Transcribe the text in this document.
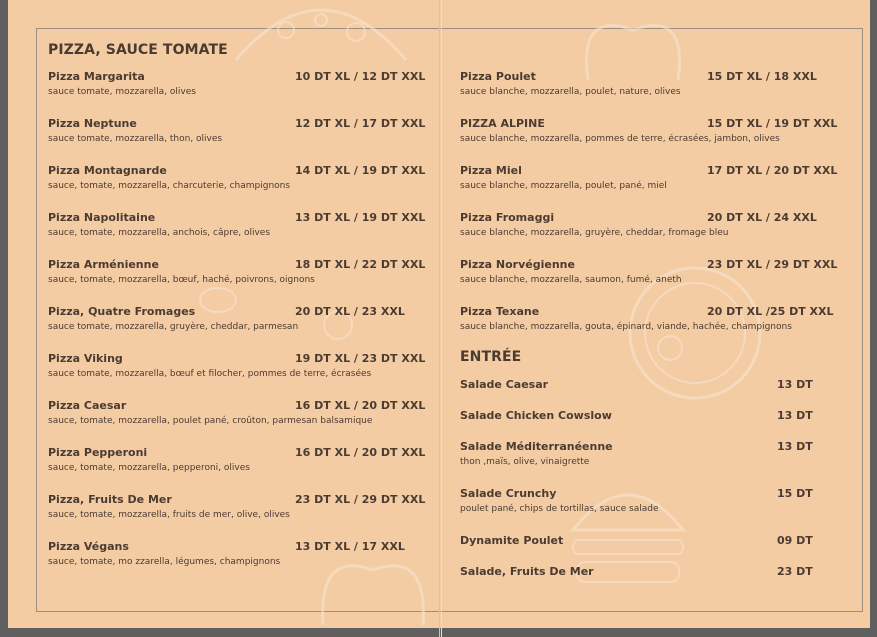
PIZZA, SAUCE TOMATE
Pizza Margarita	10 DT XL / 12 DT XXL
sauce tomate, mozzarella, olives
Pizza Neptune	12 DT XL / 17 DT XXL
sauce tomate, mozzarella, thon, olives
Pizza Montagnarde	14 DT XL / 19 DT XXL
sauce, tomate, mozzarella, charcuterie, champignons
Pizza Napolitaine	13 DT XL / 19 DT XXL
sauce, tomate, mozzarella, anchois, câpre, olives
Pizza Arménienne	18 DT XL / 22 DT XXL
sauce, tomate, mozzarella, bœuf, haché, poivrons, oignons
Pizza, Quatre Fromages	20 DT XL / 23 XXL
sauce tomate, mozzarella, gruyère, cheddar, parmesan
Pizza Viking	19 DT XL / 23 DT XXL
sauce tomate, mozzarella, bœuf et filocher, pommes de terre, écrasées
Pizza Caesar	16 DT XL / 20 DT XXL
sauce, tomate, mozzarella, poulet pané, croûton, parmesan balsamique
Pizza Pepperoni	16 DT XL / 20 DT XXL
sauce, tomate, mozzarella, pepperoni, olives
Pizza, Fruits De Mer	23 DT XL / 29 DT XXL
sauce, tomate, mozzarella, fruits de mer, olive, olives
Pizza Végans	13 DT XL / 17 XXL
sauce, tomate, mo zzarella, légumes, champignons
Pizza Poulet	15 DT XL / 18 XXL
sauce blanche, mozzarella, poulet, nature, olives
PIZZA ALPINE	15 DT XL / 19 DT XXL
sauce blanche, mozzarella, pommes de terre, écrasées, jambon, olives
Pizza Miel	17 DT XL / 20 DT XXL
sauce blanche, mozzarella, poulet, pané, miel
Pizza Fromaggi	20 DT XL / 24 XXL
sauce blanche, mozzarella, gruyère, cheddar, fromage bleu
Pizza Norvégienne	23 DT XL / 29 DT XXL
sauce blanche, mozzarella, saumon, fumé, aneth
Pizza Texane	20 DT XL /25 DT XXL
sauce blanche, mozzarella, gouta, épinard, viande, hachée, champignons
ENTRÉE
Salade Caesar	13 DT
Salade Chicken Cowslow	13 DT
Salade Méditerranéenne	13 DT
thon ,maïs, olive, vinaigrette
Salade Crunchy	15 DT
poulet pané, chips de tortillas, sauce salade
Dynamite Poulet	09 DT
Salade, Fruits De Mer	23 DT
